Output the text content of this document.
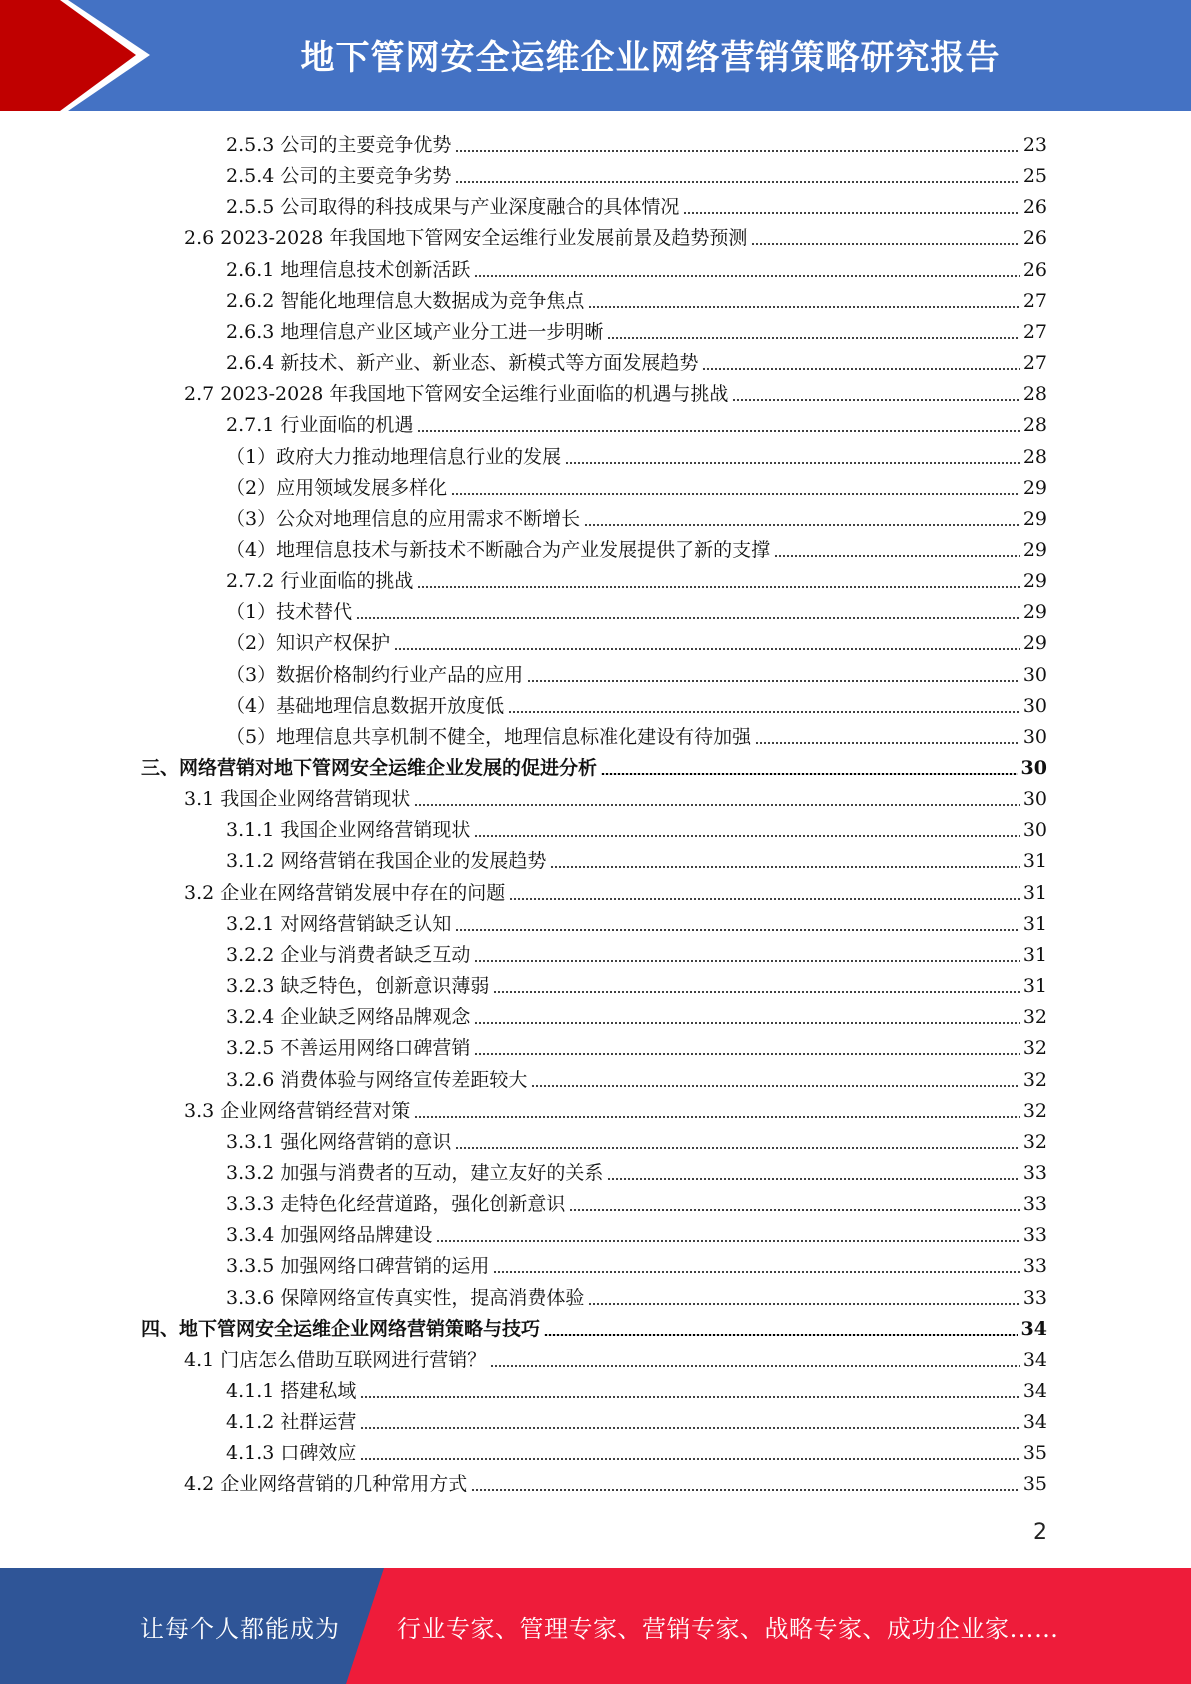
地下管网安全运维企业网络营销策略研究报告
2.5.3 公司的主要竞争优势	23
2.5.4 公司的主要竞争劣势	25
2.5.5 公司取得的科技成果与产业深度融合的具体情况	26
2.6 2023-2028 年我国地下管网安全运维行业发展前景及趋势预测	26
2.6.1 地理信息技术创新活跃	26
2.6.2 智能化地理信息大数据成为竞争焦点	27
2.6.3 地理信息产业区域产业分工进一步明晰	27
2.6.4 新技术、新产业、新业态、新模式等方面发展趋势	27
2.7 2023-2028 年我国地下管网安全运维行业面临的机遇与挑战	28
2.7.1 行业面临的机遇	28
（1）政府大力推动地理信息行业的发展	28
（2）应用领域发展多样化	29
（3）公众对地理信息的应用需求不断增长	29
（4）地理信息技术与新技术不断融合为产业发展提供了新的支撑	29
2.7.2 行业面临的挑战	29
（1）技术替代	29
（2）知识产权保护	29
（3）数据价格制约行业产品的应用	30
（4）基础地理信息数据开放度低	30
（5）地理信息共享机制不健全，地理信息标准化建设有待加强	30
三、网络营销对地下管网安全运维企业发展的促进分析	30
3.1 我国企业网络营销现状	30
3.1.1 我国企业网络营销现状	30
3.1.2 网络营销在我国企业的发展趋势	31
3.2 企业在网络营销发展中存在的问题	31
3.2.1 对网络营销缺乏认知	31
3.2.2 企业与消费者缺乏互动	31
3.2.3 缺乏特色，创新意识薄弱	31
3.2.4 企业缺乏网络品牌观念	32
3.2.5 不善运用网络口碑营销	32
3.2.6 消费体验与网络宣传差距较大	32
3.3 企业网络营销经营对策	32
3.3.1 强化网络营销的意识	32
3.3.2 加强与消费者的互动，建立友好的关系	33
3.3.3 走特色化经营道路，强化创新意识	33
3.3.4 加强网络品牌建设	33
3.3.5 加强网络口碑营销的运用	33
3.3.6 保障网络宣传真实性，提高消费体验	33
四、地下管网安全运维企业网络营销策略与技巧	34
4.1 门店怎么借助互联网进行营销？	34
4.1.1 搭建私域	34
4.1.2 社群运营	34
4.1.3 口碑效应	35
4.2 企业网络营销的几种常用方式	35
2
让每个人都能成为 行业专家、管理专家、营销专家、战略专家、成功企业家……
